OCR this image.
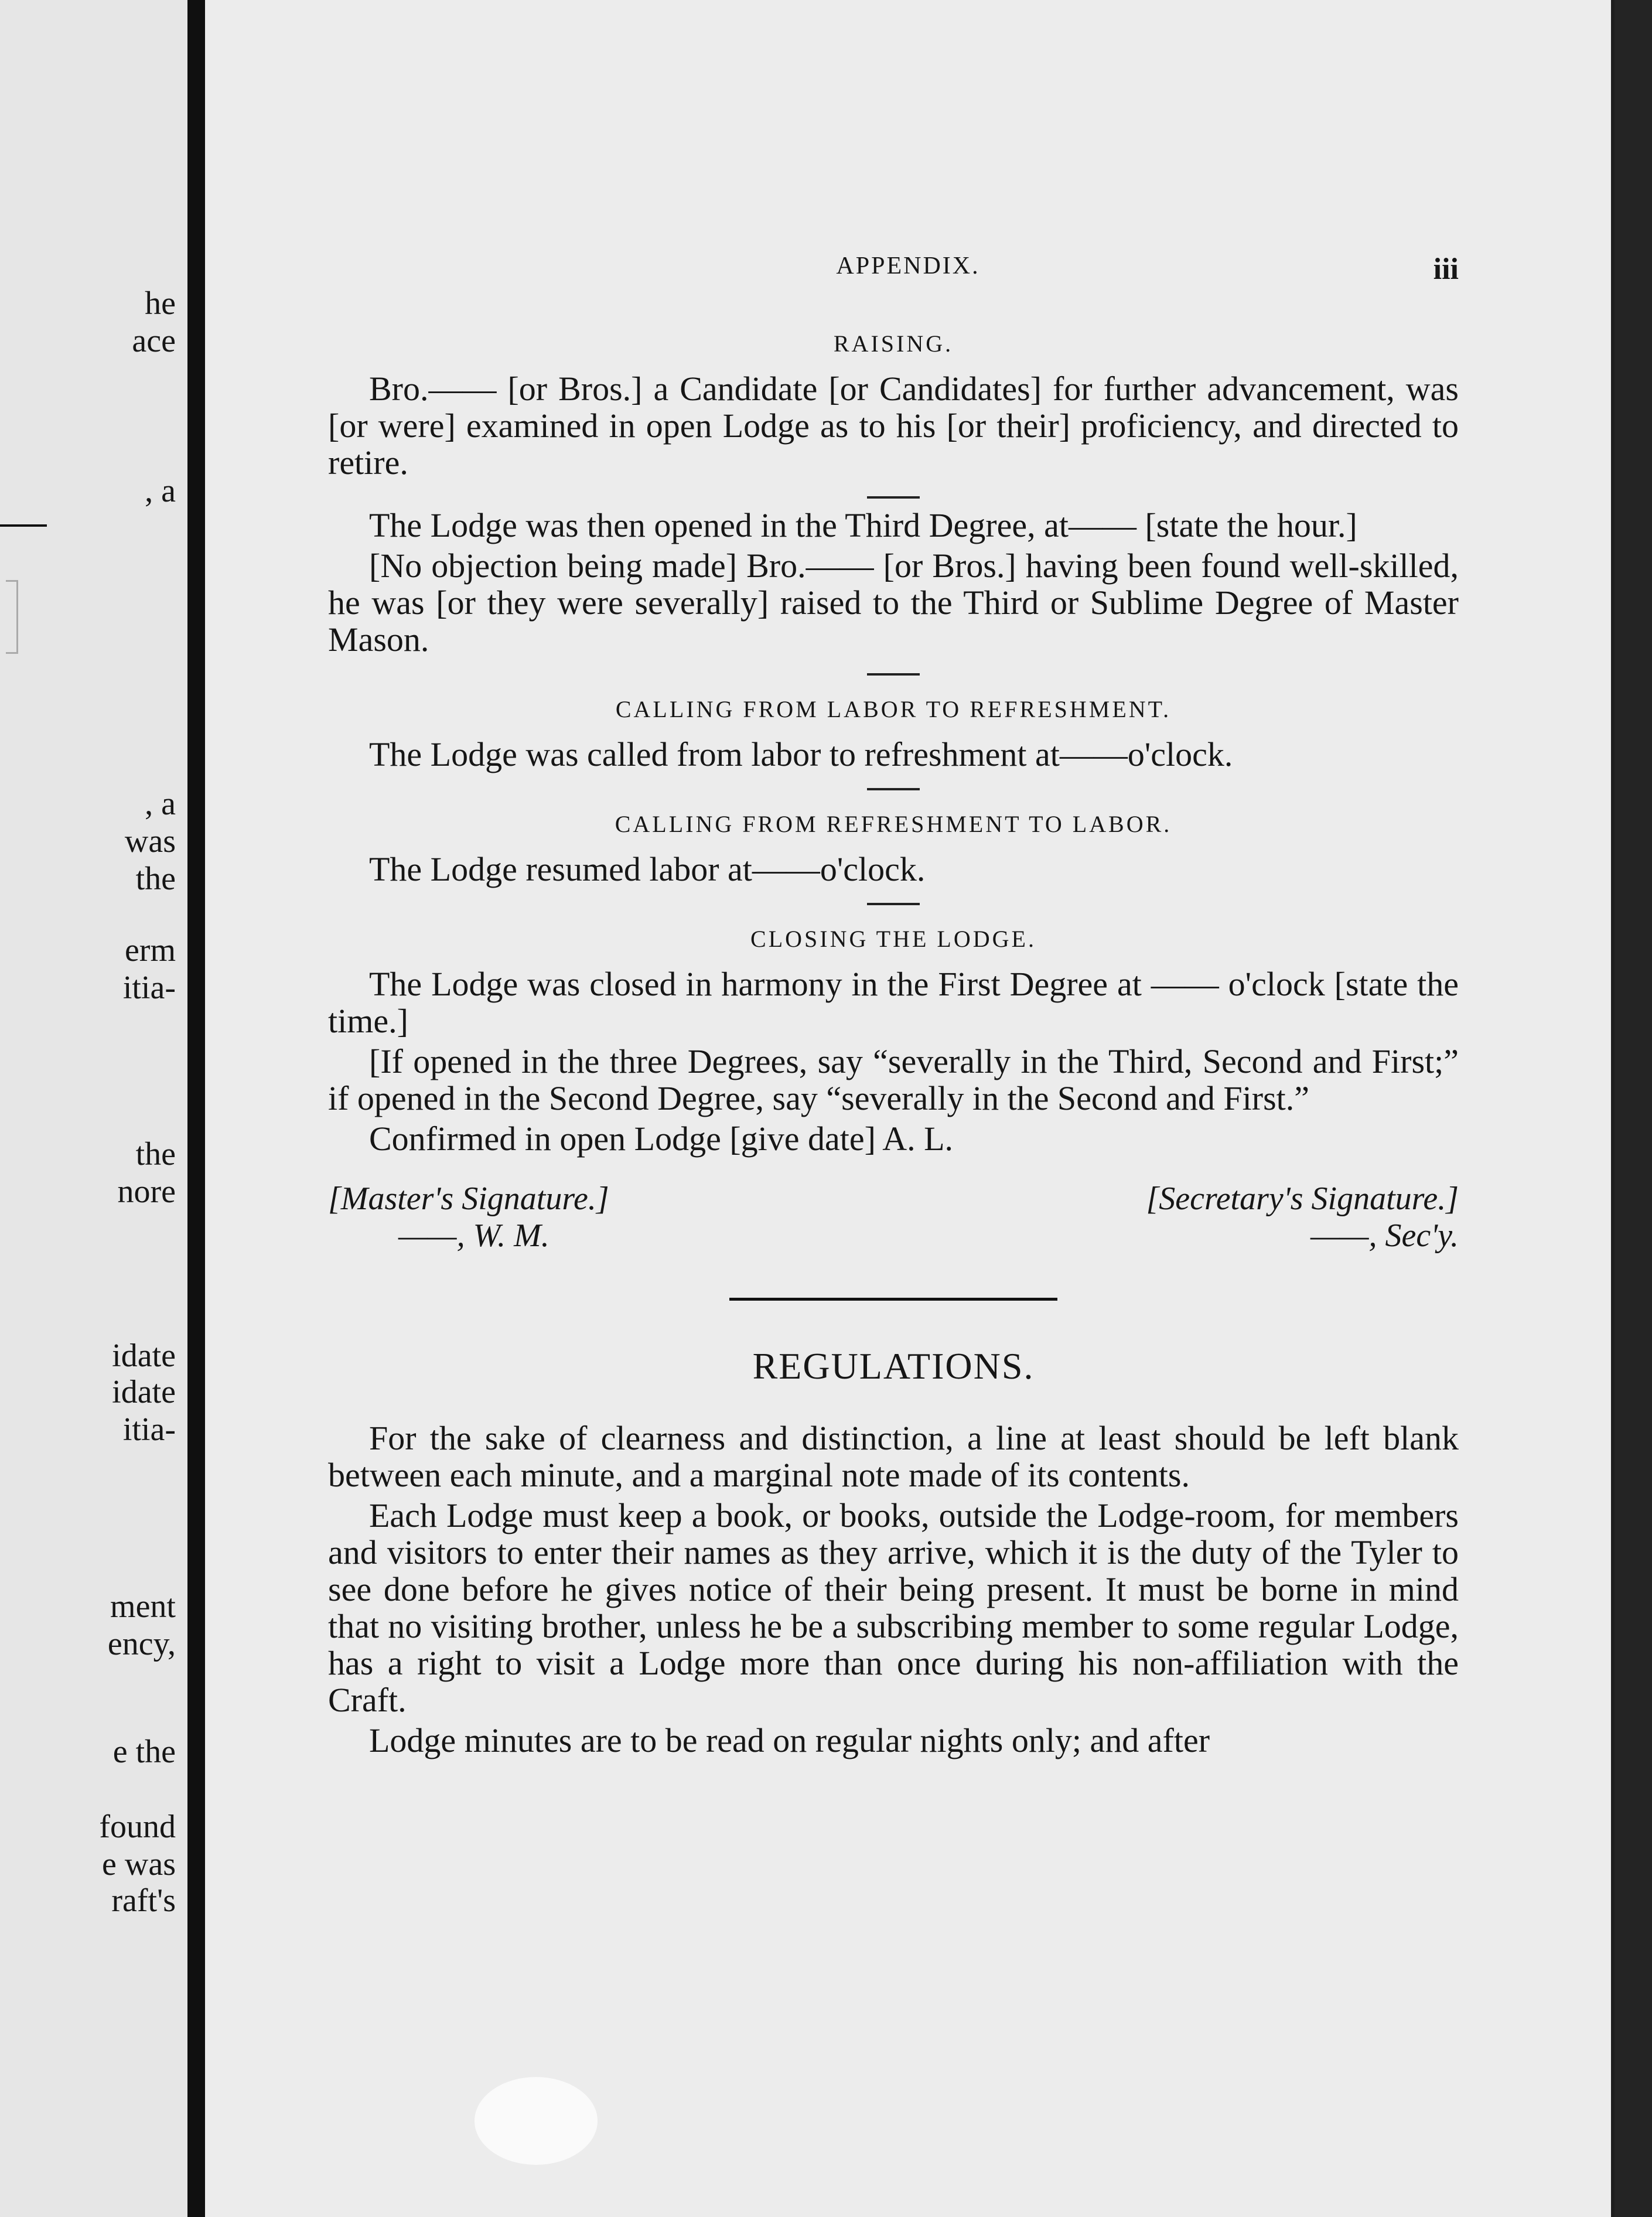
he
ace
, a
, a
was
the
erm
itia-
the
nore
idate
idate
itia-
ment
ency,
e the
found
e was
raft's
APPENDIX.	iii
RAISING.

Bro.—— [or Bros.] a Candidate [or Candidates] for further advancement, was [or were] examined in open Lodge as to his [or their] proficiency, and directed to retire.

The Lodge was then opened in the Third Degree, at—— [state the hour.]

[No objection being made] Bro.—— [or Bros.] having been found well-skilled, he was [or they were severally] raised to the Third or Sublime Degree of Master Mason.

CALLING FROM LABOR TO REFRESHMENT.

The Lodge was called from labor to refreshment at——o'clock.

CALLING FROM REFRESHMENT TO LABOR.

The Lodge resumed labor at——o'clock.

CLOSING THE LODGE.

The Lodge was closed in harmony in the First Degree at —— o'clock [state the time.]

[If opened in the three Degrees, say “severally in the Third, Second and First;” if opened in the Second Degree, say “severally in the Second and First.”

Confirmed in open Lodge [give date] A. L.

[Master's Signature.]
——, W. M.
[Secretary's Signature.]
——, Sec'y.
REGULATIONS.

For the sake of clearness and distinction, a line at least should be left blank between each minute, and a marginal note made of its contents.

Each Lodge must keep a book, or books, outside the Lodge-room, for members and visitors to enter their names as they arrive, which it is the duty of the Tyler to see done before he gives notice of their being present. It must be borne in mind that no visiting brother, unless he be a subscribing member to some regular Lodge, has a right to visit a Lodge more than once during his non-affiliation with the Craft.

Lodge minutes are to be read on regular nights only; and after
